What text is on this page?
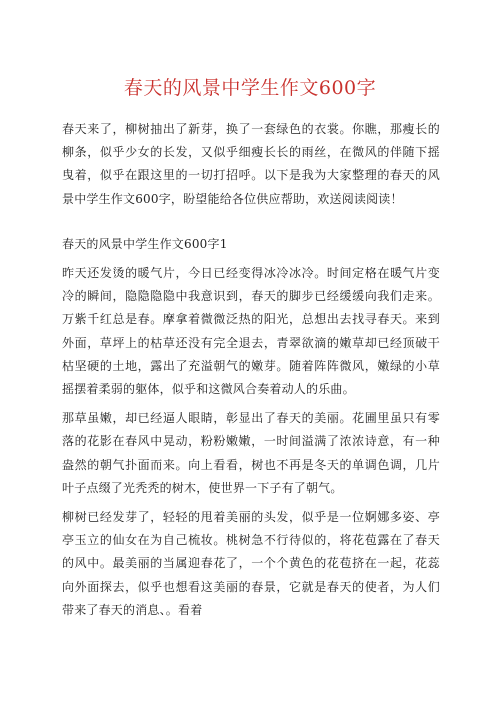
春天的风景中学生作文600字

春天来了，柳树抽出了新芽，换了一套绿色的衣裳。你瞧，那瘦长的柳条，似乎少女的长发，又似乎细瘦长长的雨丝，在微风的伴随下摇曳着，似乎在跟这里的一切打招呼。以下是我为大家整理的春天的风景中学生作文600字，盼望能给各位供应帮助，欢送阅读阅读！

春天的风景中学生作文600字1

昨天还发烫的暖气片，今日已经变得冰冷冰冷。时间定格在暖气片变冷的瞬间，隐隐隐隐中我意识到，春天的脚步已经缓缓向我们走来。万紫千红总是春。摩拿着微微泛热的阳光，总想出去找寻春天。来到外面，草坪上的枯草还没有完全退去，青翠欲滴的嫩草却已经顶破干枯坚硬的土地，露出了充溢朝气的嫩芽。随着阵阵微风，嫩绿的小草摇摆着柔弱的躯体，似乎和这微风合奏着动人的乐曲。

那草虽嫩，却已经逼人眼睛，彰显出了春天的美丽。花圃里虽只有零落的花影在春风中晃动，粉粉嫩嫩，一时间溢满了浓浓诗意，有一种盎然的朝气扑面而来。向上看看，树也不再是冬天的单调色调，几片叶子点缀了光秃秃的树木，使世界一下子有了朝气。

柳树已经发芽了，轻轻的甩着美丽的头发，似乎是一位婀娜多姿、亭亭玉立的仙女在为自己梳妆。桃树急不行待似的，将花苞露在了春天的风中。最美丽的当属迎春花了，一个个黄色的花苞挤在一起，花蕊向外面探去，似乎也想看这美丽的春景，它就是春天的使者，为人们带来了春天的消息、。看着
